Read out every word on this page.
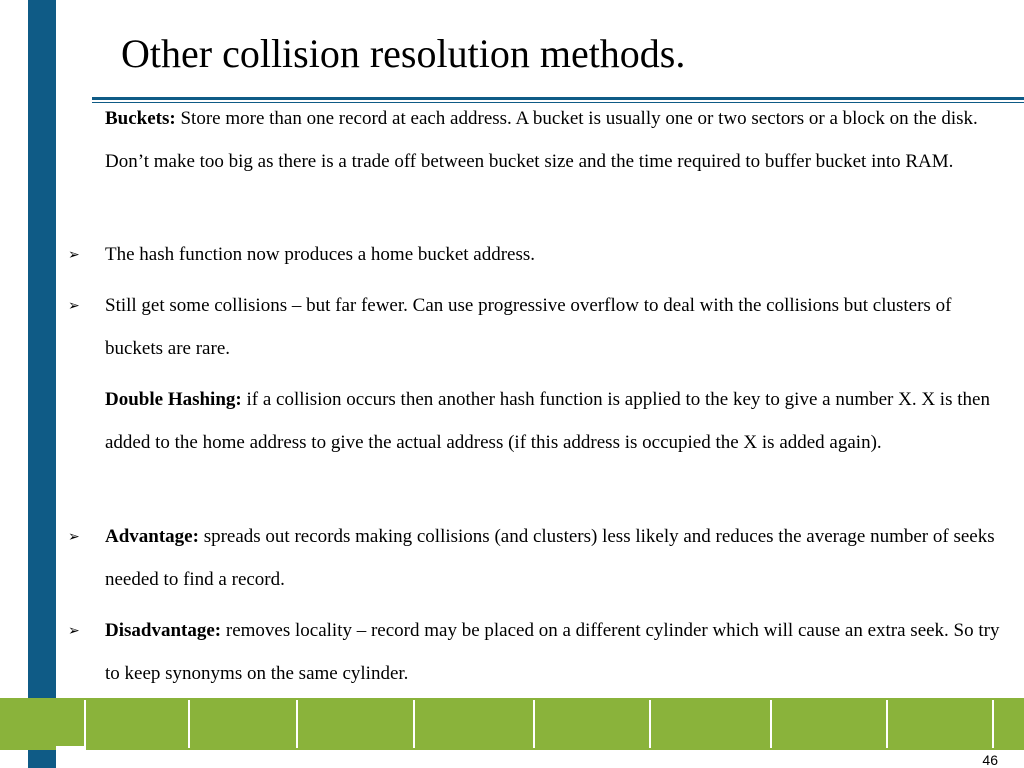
Other collision resolution methods.
Buckets: Store more than one record at each address. A bucket is usually one or two sectors or a block on the disk. Don’t make too big as there is a trade off between bucket size and the time required to buffer bucket into RAM.
➢ The hash function now produces a home bucket address.
➢ Still get some collisions – but far fewer. Can use progressive overflow to deal with the collisions but clusters of buckets are rare.
Double Hashing: if a collision occurs then another hash function is applied to the key to give a number X. X is then added to the home address to give the actual address (if this address is occupied the X is added again).
➢ Advantage: spreads out records making collisions (and clusters) less likely and reduces the average number of seeks needed to find a record.
➢ Disadvantage: removes locality – record may be placed on a different cylinder which will cause an extra seek. So try to keep synonyms on the same cylinder.
46
